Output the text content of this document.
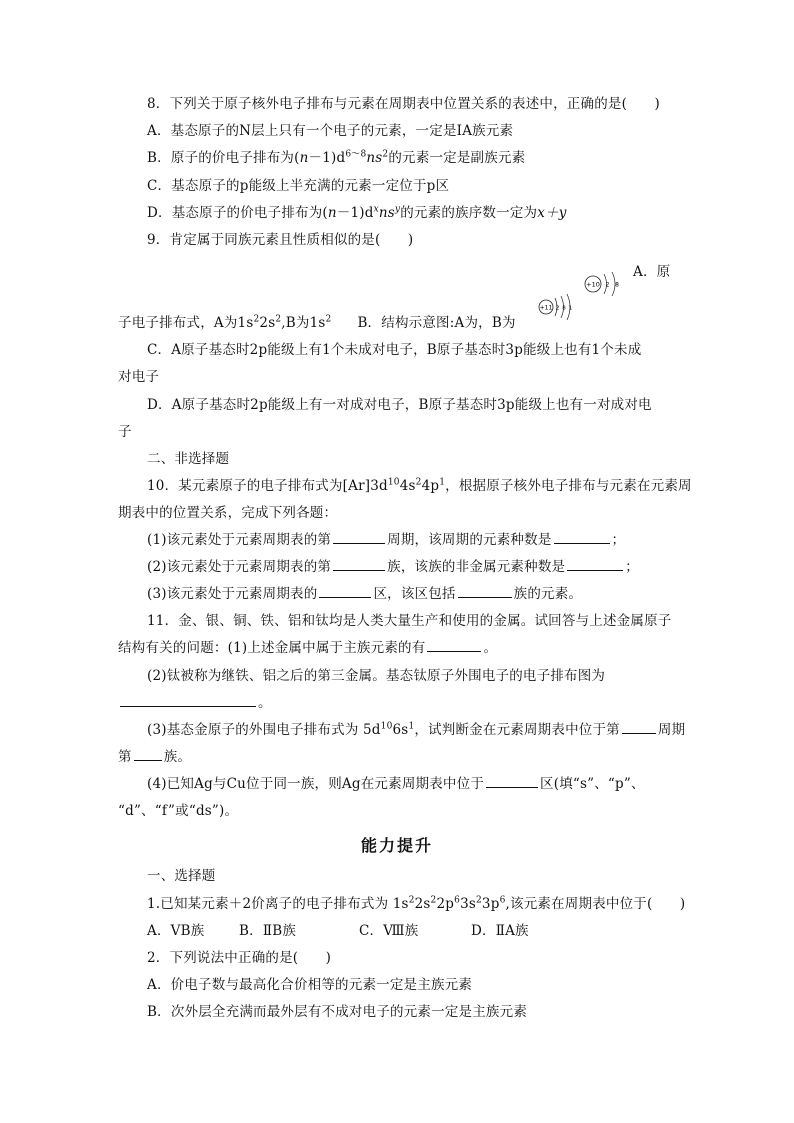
8．下列关于原子核外电子排布与元素在周期表中位置关系的表述中，正确的是(　　)
A．基态原子的N层上只有一个电子的元素，一定是ⅠA族元素
B．原子的价电子排布为$(n-1)d^{6\sim 8}ns^2$的元素一定是副族元素
C．基态原子的p能级上半充满的元素一定位于p区
D．基态原子的价电子排布为$(n-1)d^xns^y$的元素的族序数一定为x＋y
9．肯定属于同族元素且性质相似的是(　　)
+10 2 8
A．原
子电子排布式，A为$1s^22s^2,B$为$1s^2$ B．结构示意图:A为，B为
+11 2 8 1
C．A原子基态时2p能级上有1个未成对电子，B原子基态时3p能级上也有1个未成
对电子
D．A原子基态时2p能级上有一对成对电子，B原子基态时3p能级上也有一对成对电
子
二、非选择题
10．某元素原子的电子排布式为$[Ar]3d^{10}4s^24p^1$，根据原子核外电子排布与元素在元素周
期表中的位置关系，完成下列各题：
(1)该元素处于元素周期表的第	周期，该周期的元素种数是	；
(2)该元素处于元素周期表的第	族，该族的非金属元素种数是	；
(3)该元素处于元素周期表的	区，该区包括	族的元素。
11．金、银、铜、铁、铝和钛均是人类大量生产和使用的金属。试回答与上述金属原子
结构有关的问题：(1)上述金属中属于主族元素的有	。
(2)钛被称为继铁、铝之后的第三金属。基态钛原子外围电子的电子排布图为
。
(3)基态金原子的外围电子排布式为 $5d^{10}6s^1$，试判断金在元素周期表中位于第	周期
第 族。
(4)已知Ag与Cu位于同一族，则Ag在元素周期表中位于	区(填“s”、“p”、
“d”、“f”或“ds”)。
能力提升
一、选择题
1.已知某元素＋2价离子的电子排布式为 $1s^22s^22p^63s^23p^6$,该元素在周期表中位于(　　)
A．VB族	B．ⅡB族	C．Ⅷ族	D．ⅡA族
2．下列说法中正确的是(　　)
A．价电子数与最高化合价相等的元素一定是主族元素
B．次外层全充满而最外层有不成对电子的元素一定是主族元素
